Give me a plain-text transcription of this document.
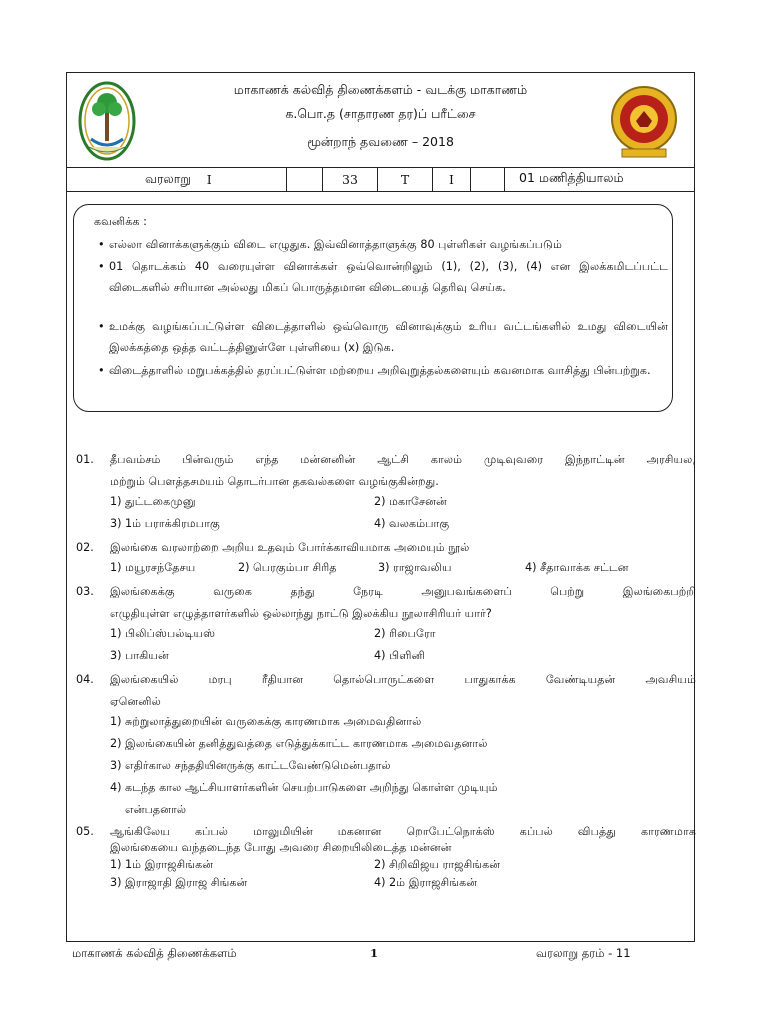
மாகாணக் கல்வித் திணைக்களம் - வடக்கு மாகாணம்
க.பொ.த (சாதாரண தர)ப் பரீட்சை
மூன்றாந் தவணை – 2018
வரலாறு I	33	T	I	01 மணித்தியாலம்
கவனிக்க :
• எல்லா வினாக்களுக்கும் விடை எழுதுக. இவ்வினாத்தாளுக்கு 80 புள்ளிகள் வழங்கப்படும்
• 01 தொடக்கம் 40 வரையுள்ள வினாக்கள் ஒவ்வொன்றிலும் (1), (2), (3), (4) என இலக்கமிடப்பட்ட விடைகளில் சரியான அல்லது மிகப் பொருத்தமான விடையைத் தெரிவு செய்க.
• உமக்கு வழங்கப்பட்டுள்ள விடைத்தாளில் ஒவ்வொரு வினாவுக்கும் உரிய வட்டங்களில் உமது விடையின் இலக்கத்தை ஒத்த வட்டத்தினுள்ளே புள்ளியை (x) இடுக.
• விடைத்தாளில் மறுபக்கத்தில் தரப்பட்டுள்ள மற்றைய அறிவுறுத்தல்களையும் கவனமாக வாசித்து பின்பற்றுக.
01. தீபவம்சம் பின்வரும் எந்த மன்னனின் ஆட்சி காலம் முடிவுவரை இந்நாட்டின் அரசியல,
மற்றும் பௌத்தசமயம் தொடர்பான தகவல்களை வழங்குகின்றது.
1) துட்டகைமுனு	2) மகாசேனன்
3) 1ம் பராக்கிரமபாகு	4) வலகம்பாகு
02. இலங்கை வரலாற்றை அறிய உதவும் போர்க்காவியமாக அமையும் நூல்
1) மயூரசந்தேசய	2) பெரகும்பா சிரித	3) ராஜாவலிய	4) சீதாவாக்க சட்டன
03. இலங்கைக்கு வருகை தந்து நேரடி அனுபவங்களைப் பெற்று இலங்கைபற்றி
எழுதியுள்ள எழுத்தாளர்களில் ஒல்லாந்து நாட்டு இலக்கிய நூலாசிரியர் யார்?
1) பிலிப்ஸ்பல்டியஸ்	2) ரிபைரோ
3) பாகியன்	4) பிளினி
04. இலங்கையில் மரபு ரீதியான தொல்பொருட்களை பாதுகாக்க வேண்டியதன் அவசியம்
ஏனெனில்
1) சுற்றுலாத்துறையின் வருகைக்கு காரணமாக அமைவதினால்
2) இலங்கையின் தனித்துவத்தை எடுத்துக்காட்ட காரணமாக அமைவதனால்
3) எதிர்கால சந்ததியினருக்கு காட்டவேண்டுமென்பதால்
4) கடந்த கால ஆட்சியாளர்களின் செயற்பாடுகளை அறிந்து கொள்ள முடியும்
என்பதனால்
05. ஆங்கிலேய கப்பல் மாலுமியின் மகனான றொபேட்நொக்ஸ் கப்பல் விபத்து காரணமாக
இலங்கையை வந்தடைந்த போது அவரை சிறையிலிடைத்த மன்னன்
1) 1ம் இராஜசிங்கன்	2) சிறிவிஜய ராஜசிங்கன்
3) இராஜாதி இராஜ சிங்கன்	4) 2ம் இராஜசிங்கன்
மாகாணக் கல்வித் திணைக்களம்	1	வரலாறு தரம் - 11
